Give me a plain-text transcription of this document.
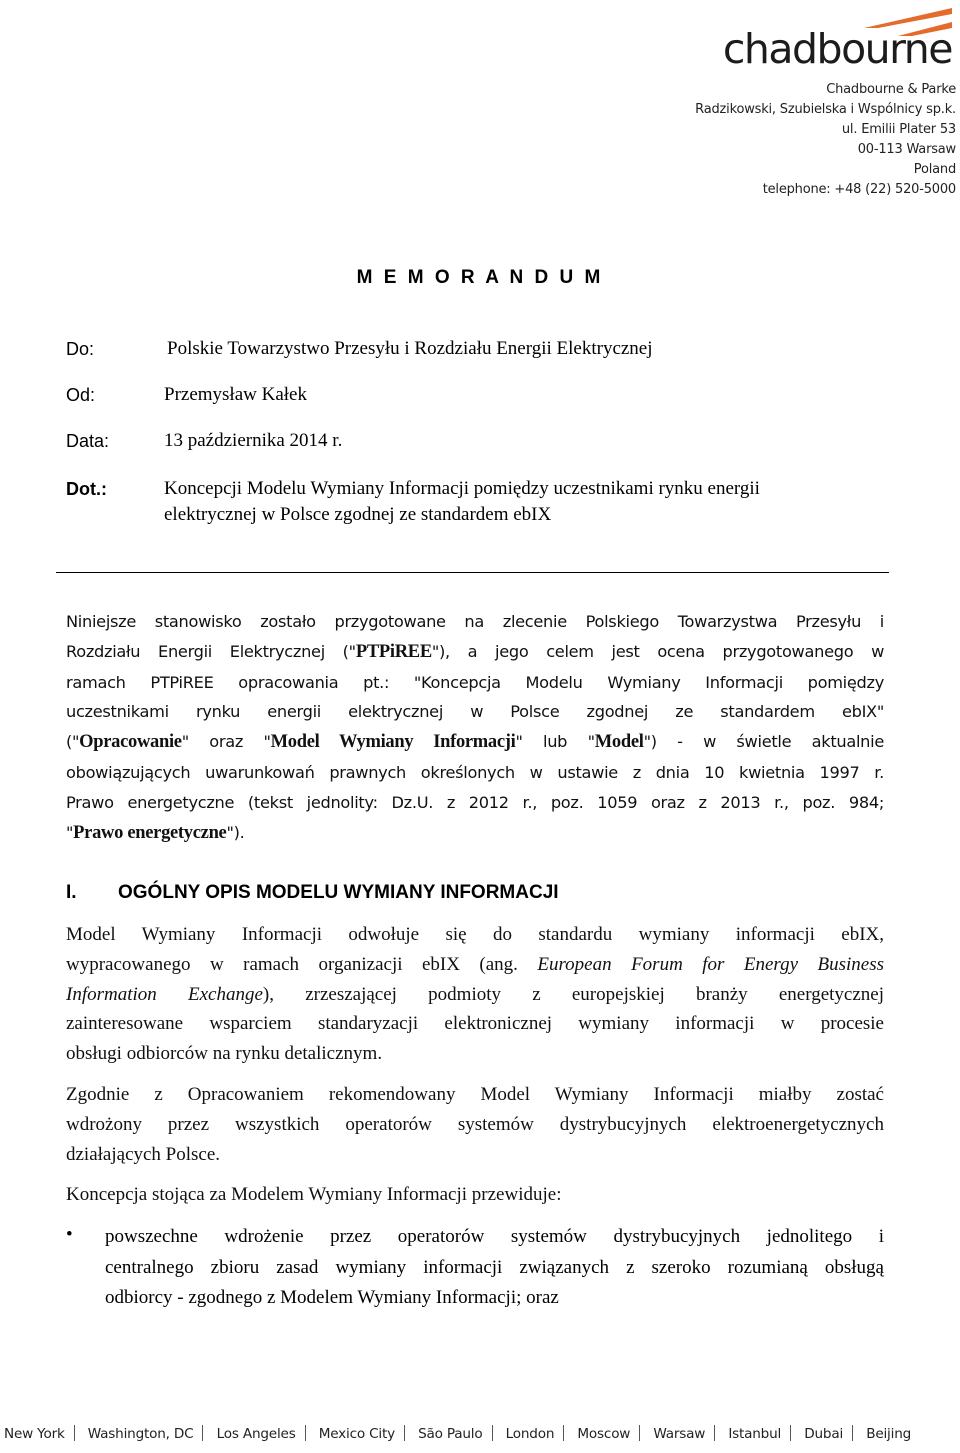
chadbourne
Chadbourne & Parke
Radzikowski, Szubielska i Wspólnicy sp.k.
ul. Emilii Plater 53
00-113 Warsaw
Poland
telephone: +48 (22) 520-5000
M E M O R A N D U M
Do:	Polskie Towarzystwo Przesyłu i Rozdziału Energii Elektrycznej
Od:	Przemysław Kałek
Data:	13 października 2014 r.
Dot.:	Koncepcji Modelu Wymiany Informacji pomiędzy uczestnikami rynku energii
elektrycznej w Polsce zgodnej ze standardem ebIX
Niniejsze stanowisko zostało przygotowane na zlecenie Polskiego Towarzystwa Przesyłu i
Rozdziału Energii Elektrycznej ("PTPiREE"), a jego celem jest ocena przygotowanego w
ramach PTPiREE opracowania pt.: "Koncepcja Modelu Wymiany Informacji pomiędzy
uczestnikami rynku energii elektrycznej w Polsce zgodnej ze standardem ebIX"
("Opracowanie" oraz "Model Wymiany Informacji" lub "Model") - w świetle aktualnie
obowiązujących uwarunkowań prawnych określonych w ustawie z dnia 10 kwietnia 1997 r.
Prawo energetyczne (tekst jednolity: Dz.U. z 2012 r., poz. 1059 oraz z 2013 r., poz. 984;
"Prawo energetyczne").
I. OGÓLNY OPIS MODELU WYMIANY INFORMACJI
Model Wymiany Informacji odwołuje się do standardu wymiany informacji ebIX,
wypracowanego w ramach organizacji ebIX (ang. European Forum for Energy Business
Information Exchange), zrzeszającej podmioty z europejskiej branży energetycznej
zainteresowane wsparciem standaryzacji elektronicznej wymiany informacji w procesie
obsługi odbiorców na rynku detalicznym.
Zgodnie z Opracowaniem rekomendowany Model Wymiany Informacji miałby zostać
wdrożony przez wszystkich operatorów systemów dystrybucyjnych elektroenergetycznych
działających Polsce.
Koncepcja stojąca za Modelem Wymiany Informacji przewiduje:
• powszechne wdrożenie przez operatorów systemów dystrybucyjnych jednolitego i
centralnego zbioru zasad wymiany informacji związanych z szeroko rozumianą obsługą
odbiorcy - zgodnego z Modelem Wymiany Informacji; oraz
New York Washington, DC Los Angeles Mexico City São Paulo London Moscow Warsaw Istanbul Dubai Beijing
